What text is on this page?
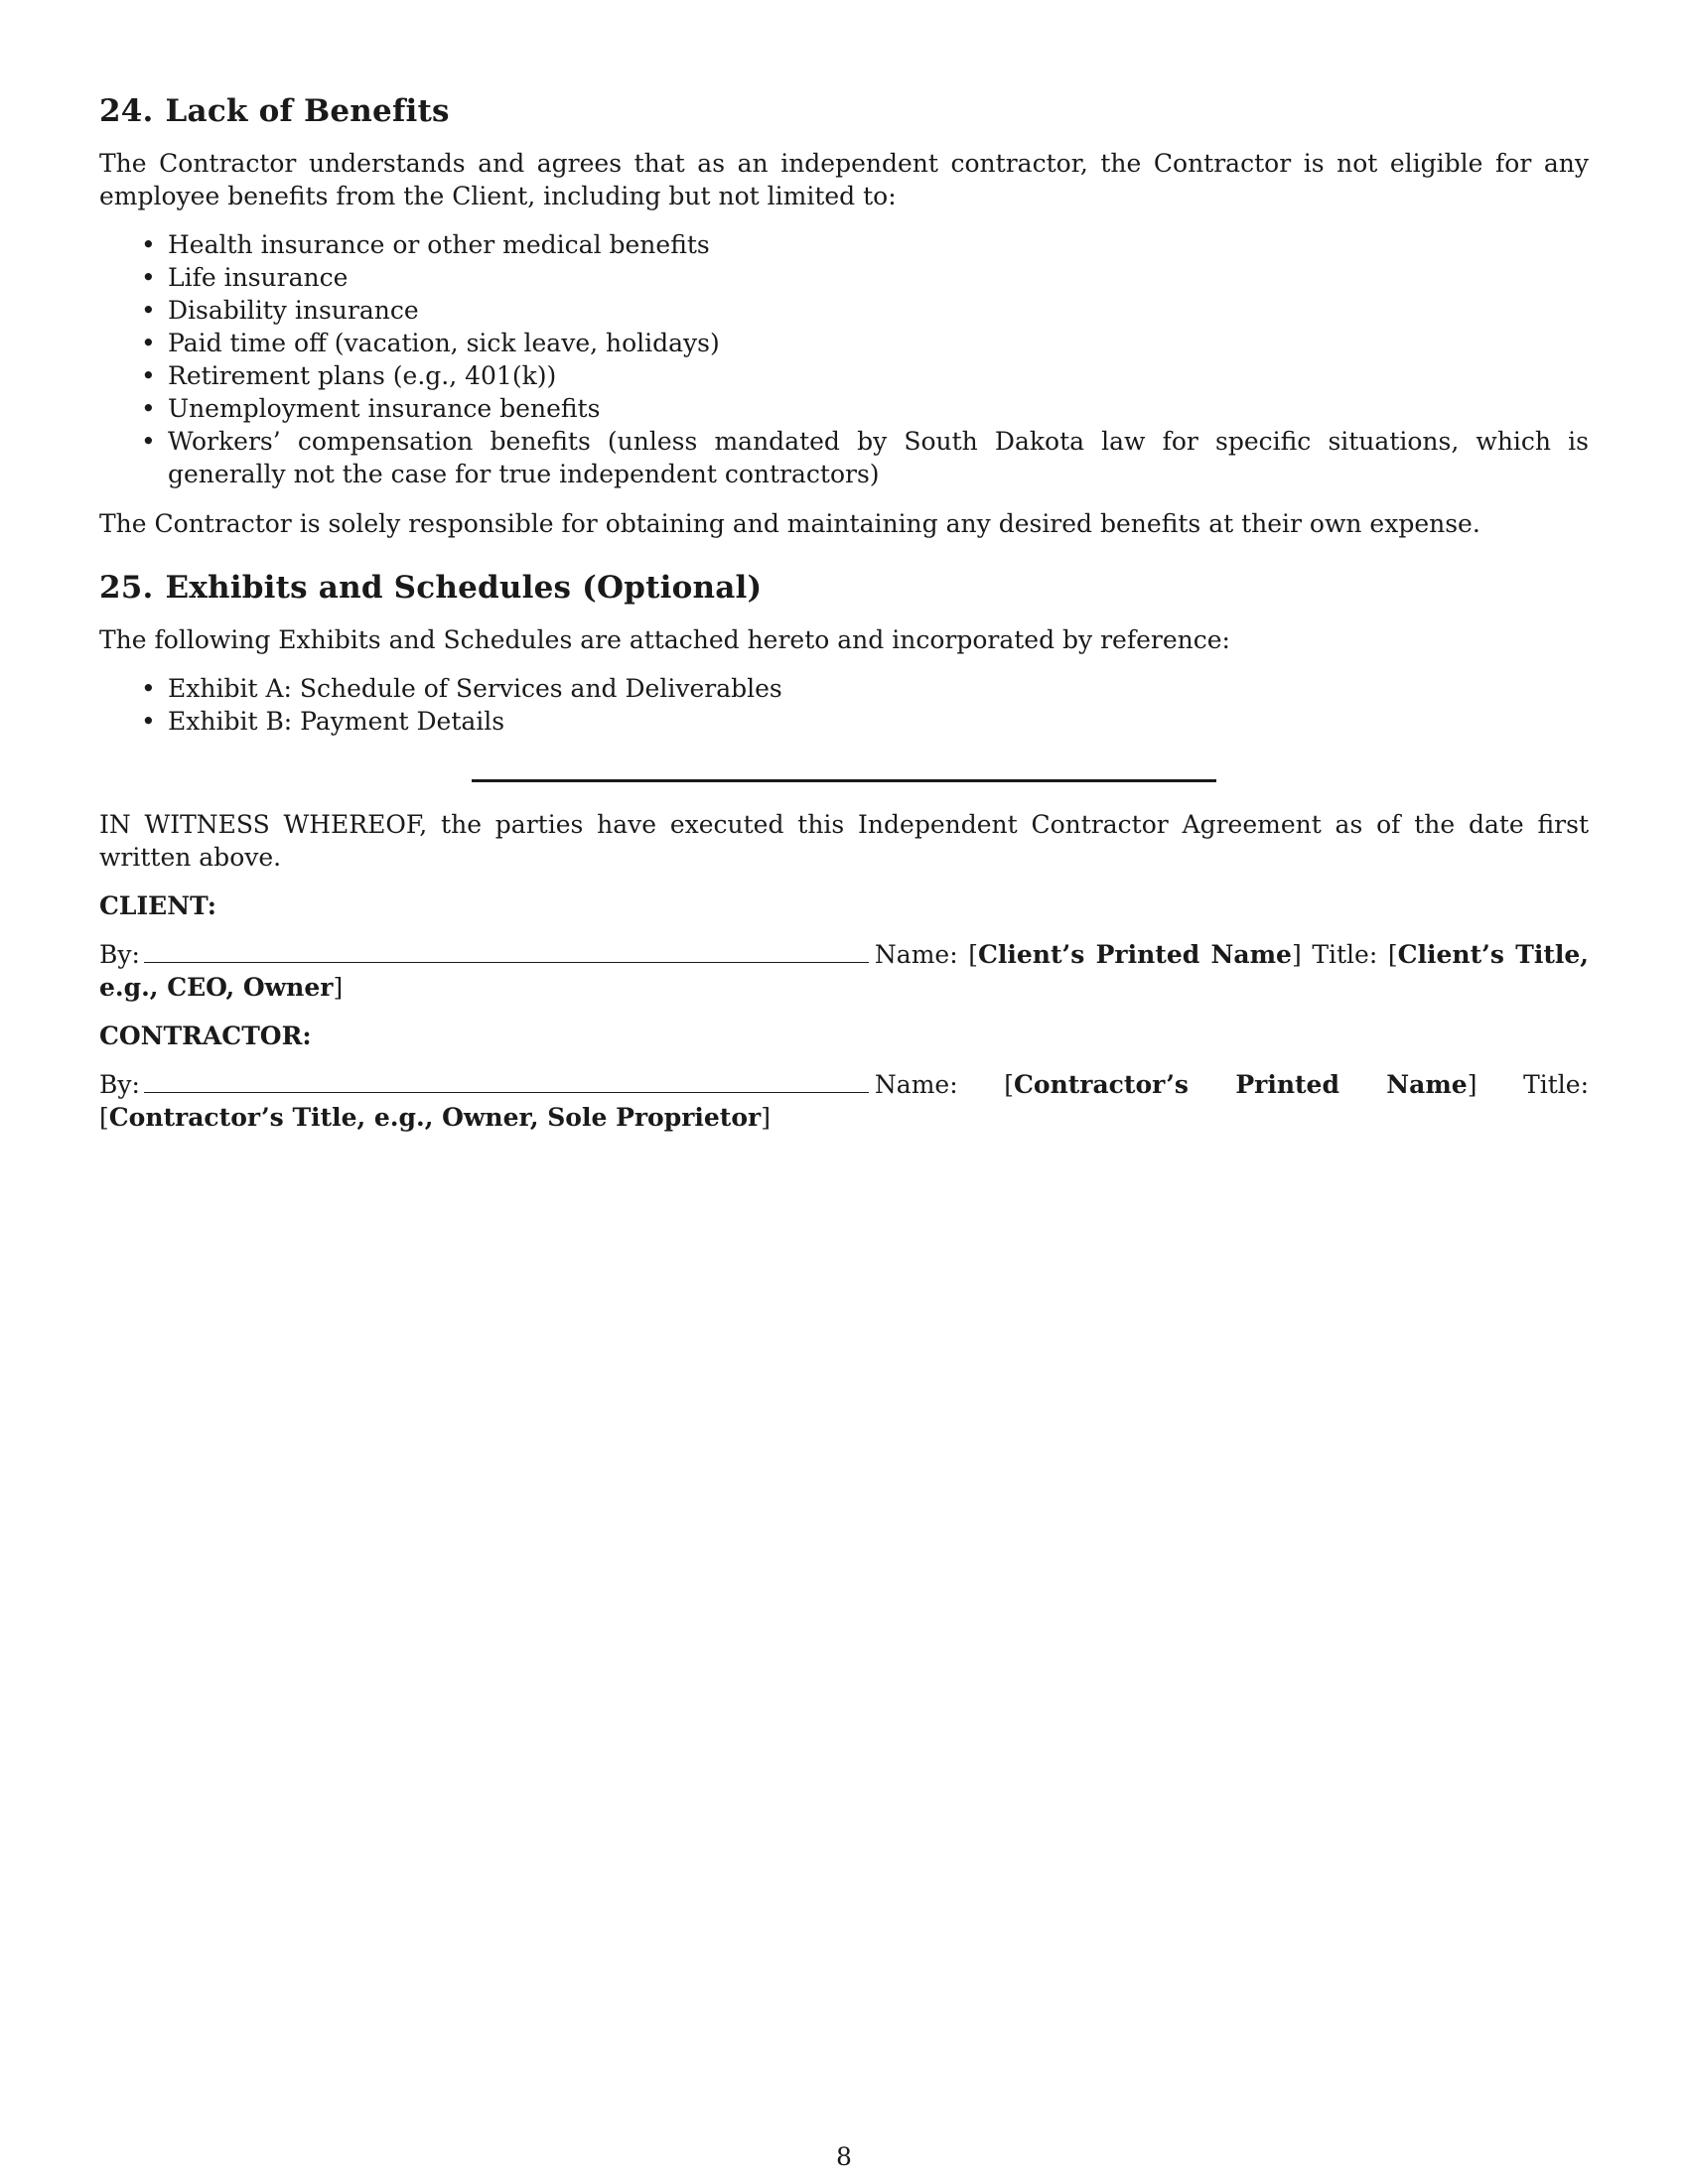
24. Lack of Benefits

The Contractor understands and agrees that as an independent contractor, the Contractor is not eligible for any employee benefits from the Client, including but not limited to:

• Health insurance or other medical benefits
• Life insurance
• Disability insurance
• Paid time off (vacation, sick leave, holidays)
• Retirement plans (e.g., 401(k))
• Unemployment insurance benefits
• Workers’ compensation benefits (unless mandated by South Dakota law for specific situations, which is generally not the case for true independent contractors)

The Contractor is solely responsible for obtaining and maintaining any desired benefits at their own expense.

25. Exhibits and Schedules (Optional)

The following Exhibits and Schedules are attached hereto and incorporated by reference:

• Exhibit A: Schedule of Services and Deliverables
• Exhibit B: Payment Details

IN WITNESS WHEREOF, the parties have executed this Independent Contractor Agreement as of the date first written above.

CLIENT:
By:	Name: [Client’s Printed Name] Title: [Client’s Title, e.g., CEO, Owner]
CONTRACTOR:
By:	Name: [Contractor’s Printed Name] Title: [Contractor’s Title, e.g., Owner, Sole Proprietor]
8
